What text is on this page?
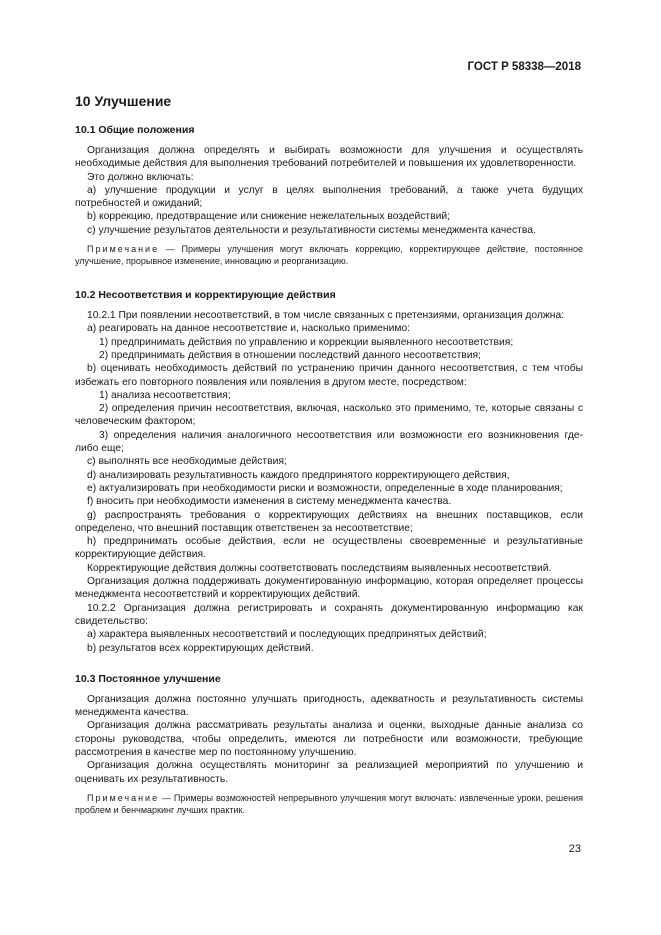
ГОСТ Р 58338—2018
10 Улучшение
10.1 Общие положения

Организация должна определять и выбирать возможности для улучшения и осуществлять необходимые действия для выполнения требований потребителей и повышения их удовлетворенности.

Это должно включать:

a) улучшение продукции и услуг в целях выполнения требований, а также учета будущих потребностей и ожиданий;

b) коррекцию, предотвращение или снижение нежелательных воздействий;

c) улучшение результатов деятельности и результативности системы менеджмента качества.

Примечание — Примеры улучшения могут включать коррекцию, корректирующее действие, постоянное улучшение, прорывное изменение, инновацию и реорганизацию.

10.2 Несоответствия и корректирующие действия

10.2.1 При появлении несоответствий, в том числе связанных с претензиями, организация должна:

a) реагировать на данное несоответствие и, насколько применимо:

1) предпринимать действия по управлению и коррекции выявленного несоответствия;

2) предпринимать действия в отношении последствий данного несоответствия;

b) оценивать необходимость действий по устранению причин данного несоответствия, с тем чтобы избежать его повторного появления или появления в другом месте, посредством:

1) анализа несоответствия;

2) определения причин несоответствия, включая, насколько это применимо, те, которые связаны с человеческим фактором;

3) определения наличия аналогичного несоответствия или возможности его возникновения где-либо еще;

c) выполнять все необходимые действия;

d) анализировать результативность каждого предпринятого корректирующего действия,

e) актуализировать при необходимости риски и возможности, определенные в ходе планирования;

f) вносить при необходимости изменения в систему менеджмента качества.

g) распространять требования о корректирующих действиях на внешних поставщиков, если определено, что внешний поставщик ответственен за несоответствие;

h) предпринимать особые действия, если не осуществлены своевременные и результативные корректирующие действия.

Корректирующие действия должны соответствовать последствиям выявленных несоответствий.

Организация должна поддерживать документированную информацию, которая определяет процессы менеджмента несоответствий и корректирующих действий.

10.2.2 Организация должна регистрировать и сохранять документированную информацию как свидетельство:

a) характера выявленных несоответствий и последующих предпринятых действий;

b) результатов всех корректирующих действий.

10.3 Постоянное улучшение

Организация должна постоянно улучшать пригодность, адекватность и результативность системы менеджмента качества.

Организация должна рассматривать результаты анализа и оценки, выходные данные анализа со стороны руководства, чтобы определить, имеются ли потребности или возможности, требующие рассмотрения в качестве мер по постоянному улучшению.

Организация должна осуществлять мониторинг за реализацией мероприятий по улучшению и оценивать их результативность.

Примечание — Примеры возможностей непрерывного улучшения могут включать: извлеченные уроки, решения проблем и бенчмаркинг лучших практик.

23
